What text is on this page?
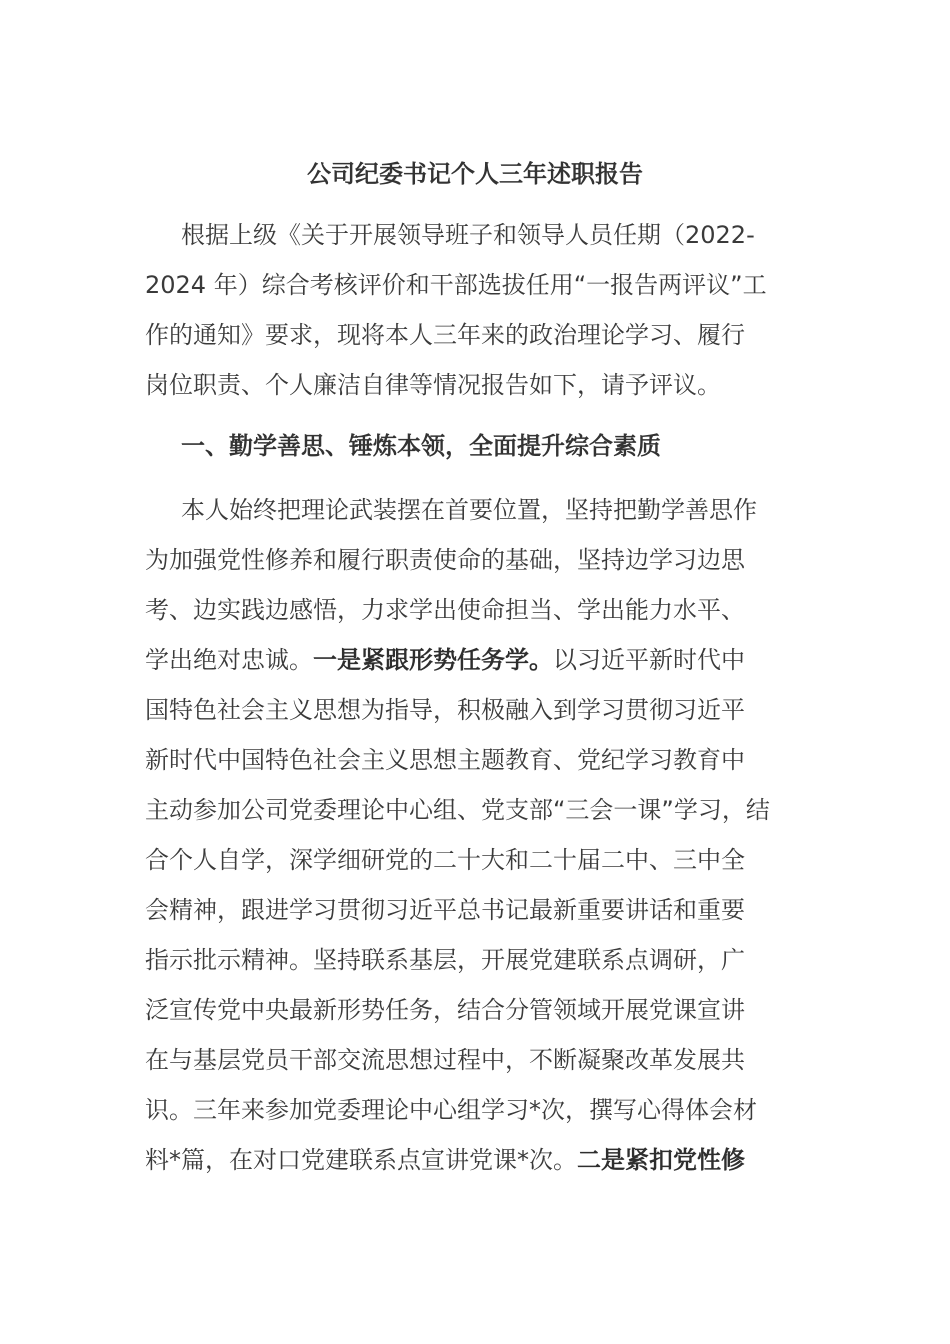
公司纪委书记个人三年述职报告
根据上级《关于开展领导班子和领导人员任期（2022-
2024 年）综合考核评价和干部选拔任用“一报告两评议”工
作的通知》要求，现将本人三年来的政治理论学习、履行
岗位职责、个人廉洁自律等情况报告如下，请予评议。
一、勤学善思、锤炼本领，全面提升综合素质
本人始终把理论武装摆在首要位置，坚持把勤学善思作
为加强党性修养和履行职责使命的基础，坚持边学习边思
考、边实践边感悟，力求学出使命担当、学出能力水平、
学出绝对忠诚。一是紧跟形势任务学。以习近平新时代中
国特色社会主义思想为指导，积极融入到学习贯彻习近平
新时代中国特色社会主义思想主题教育、党纪学习教育中
主动参加公司党委理论中心组、党支部“三会一课”学习，结
合个人自学，深学细研党的二十大和二十届二中、三中全
会精神，跟进学习贯彻习近平总书记最新重要讲话和重要
指示批示精神。坚持联系基层，开展党建联系点调研，广
泛宣传党中央最新形势任务，结合分管领域开展党课宣讲
在与基层党员干部交流思想过程中，不断凝聚改革发展共
识。三年来参加党委理论中心组学习*次，撰写心得体会材
料*篇，在对口党建联系点宣讲党课*次。二是紧扣党性修
